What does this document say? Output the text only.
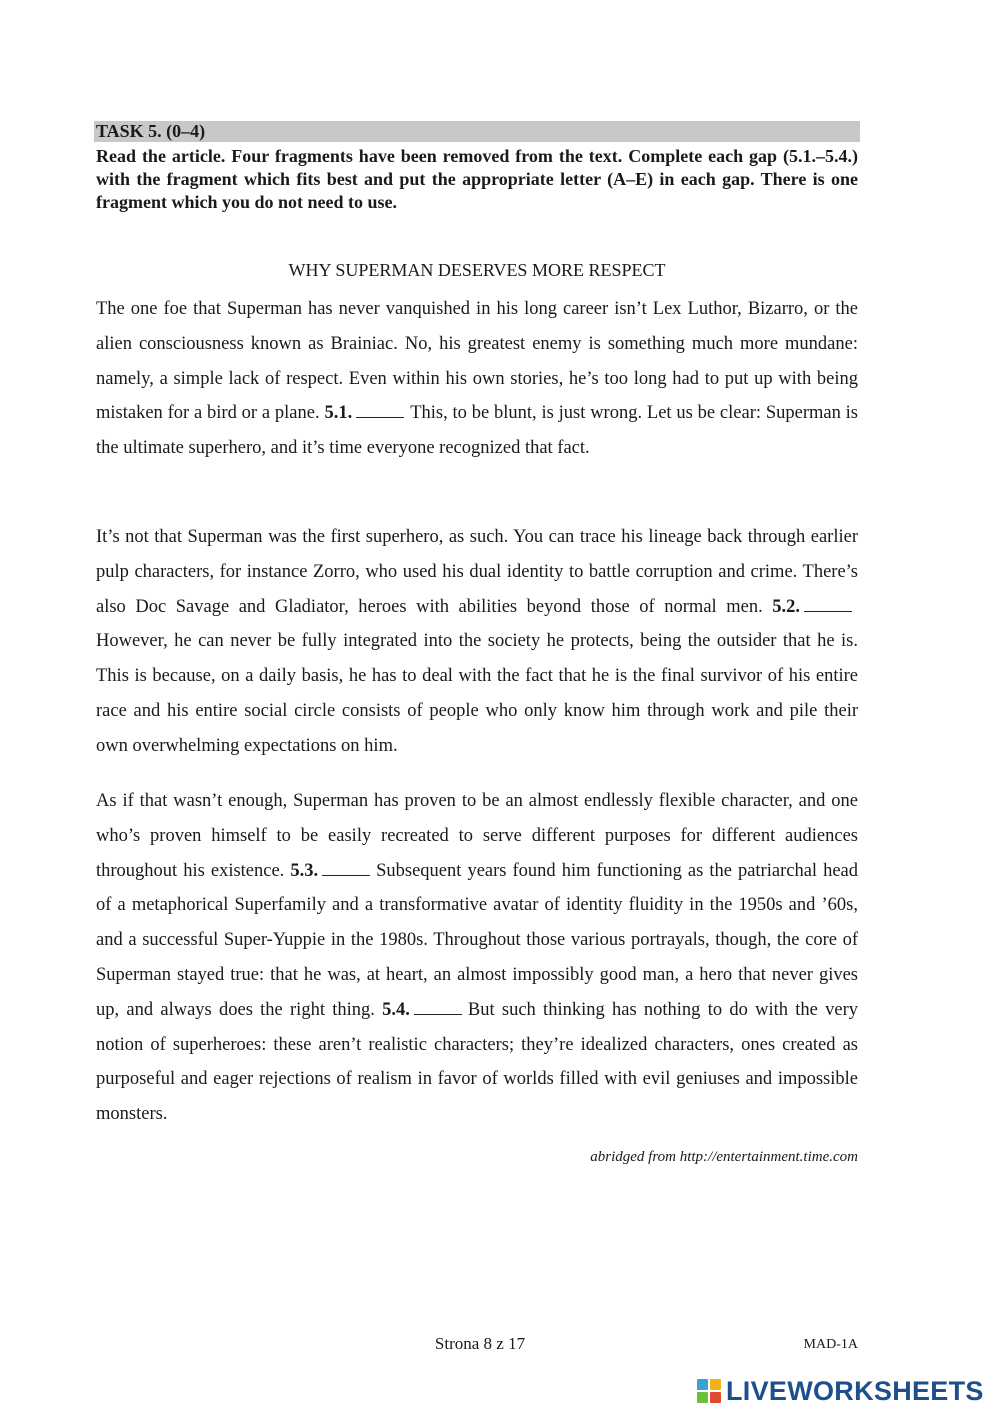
TASK 5. (0–4)
Read the article. Four fragments have been removed from the text. Complete each gap (5.1.–5.4.) with the fragment which fits best and put the appropriate letter (A–E) in each gap. There is one fragment which you do not need to use.
WHY SUPERMAN DESERVES MORE RESPECT

The one foe that Superman has never vanquished in his long career isn’t Lex Luthor, Bizarro, or the alien consciousness known as Brainiac. No, his greatest enemy is something much more mundane: namely, a simple lack of respect. Even within his own stories, he’s too long had to put up with being mistaken for a bird or a plane. 5.1.	This, to be blunt, is just wrong. Let us be clear: Superman is the ultimate superhero, and it’s time everyone recognized that fact.

It’s not that Superman was the first superhero, as such. You can trace his lineage back through earlier pulp characters, for instance Zorro, who used his dual identity to battle corruption and crime. There’s also Doc Savage and Gladiator, heroes with abilities beyond those of normal men. 5.2.However, he can never be fully integrated into the society he protects, being the outsider that he is. This is because, on a daily basis, he has to deal with the fact that he is the final survivor of his entire race and his entire social circle consists of people who only know him through work and pile their own overwhelming expectations on him.

As if that wasn’t enough, Superman has proven to be an almost endlessly flexible character, and one who’s proven himself to be easily recreated to serve different purposes for different audiences throughout his existence. 5.3.	Subsequent years found him functioning as the patriarchal head of a metaphorical Superfamily and a transformative avatar of identity fluidity in the 1950s and ’60s, and a successful Super-Yuppie in the 1980s. Throughout those various portrayals, though, the core of Superman stayed true: that he was, at heart, an almost impossibly good man, a hero that never gives up, and always does the right thing. 5.4.	But such thinking has nothing to do with the very notion of superheroes: these aren’t realistic characters; they’re idealized characters, ones created as purposeful and eager rejections of realism in favor of worlds filled with evil geniuses and impossible monsters.

abridged from http://entertainment.time.com
Strona 8 z 17	MAD-1A
LIVEWORKSHEETS
